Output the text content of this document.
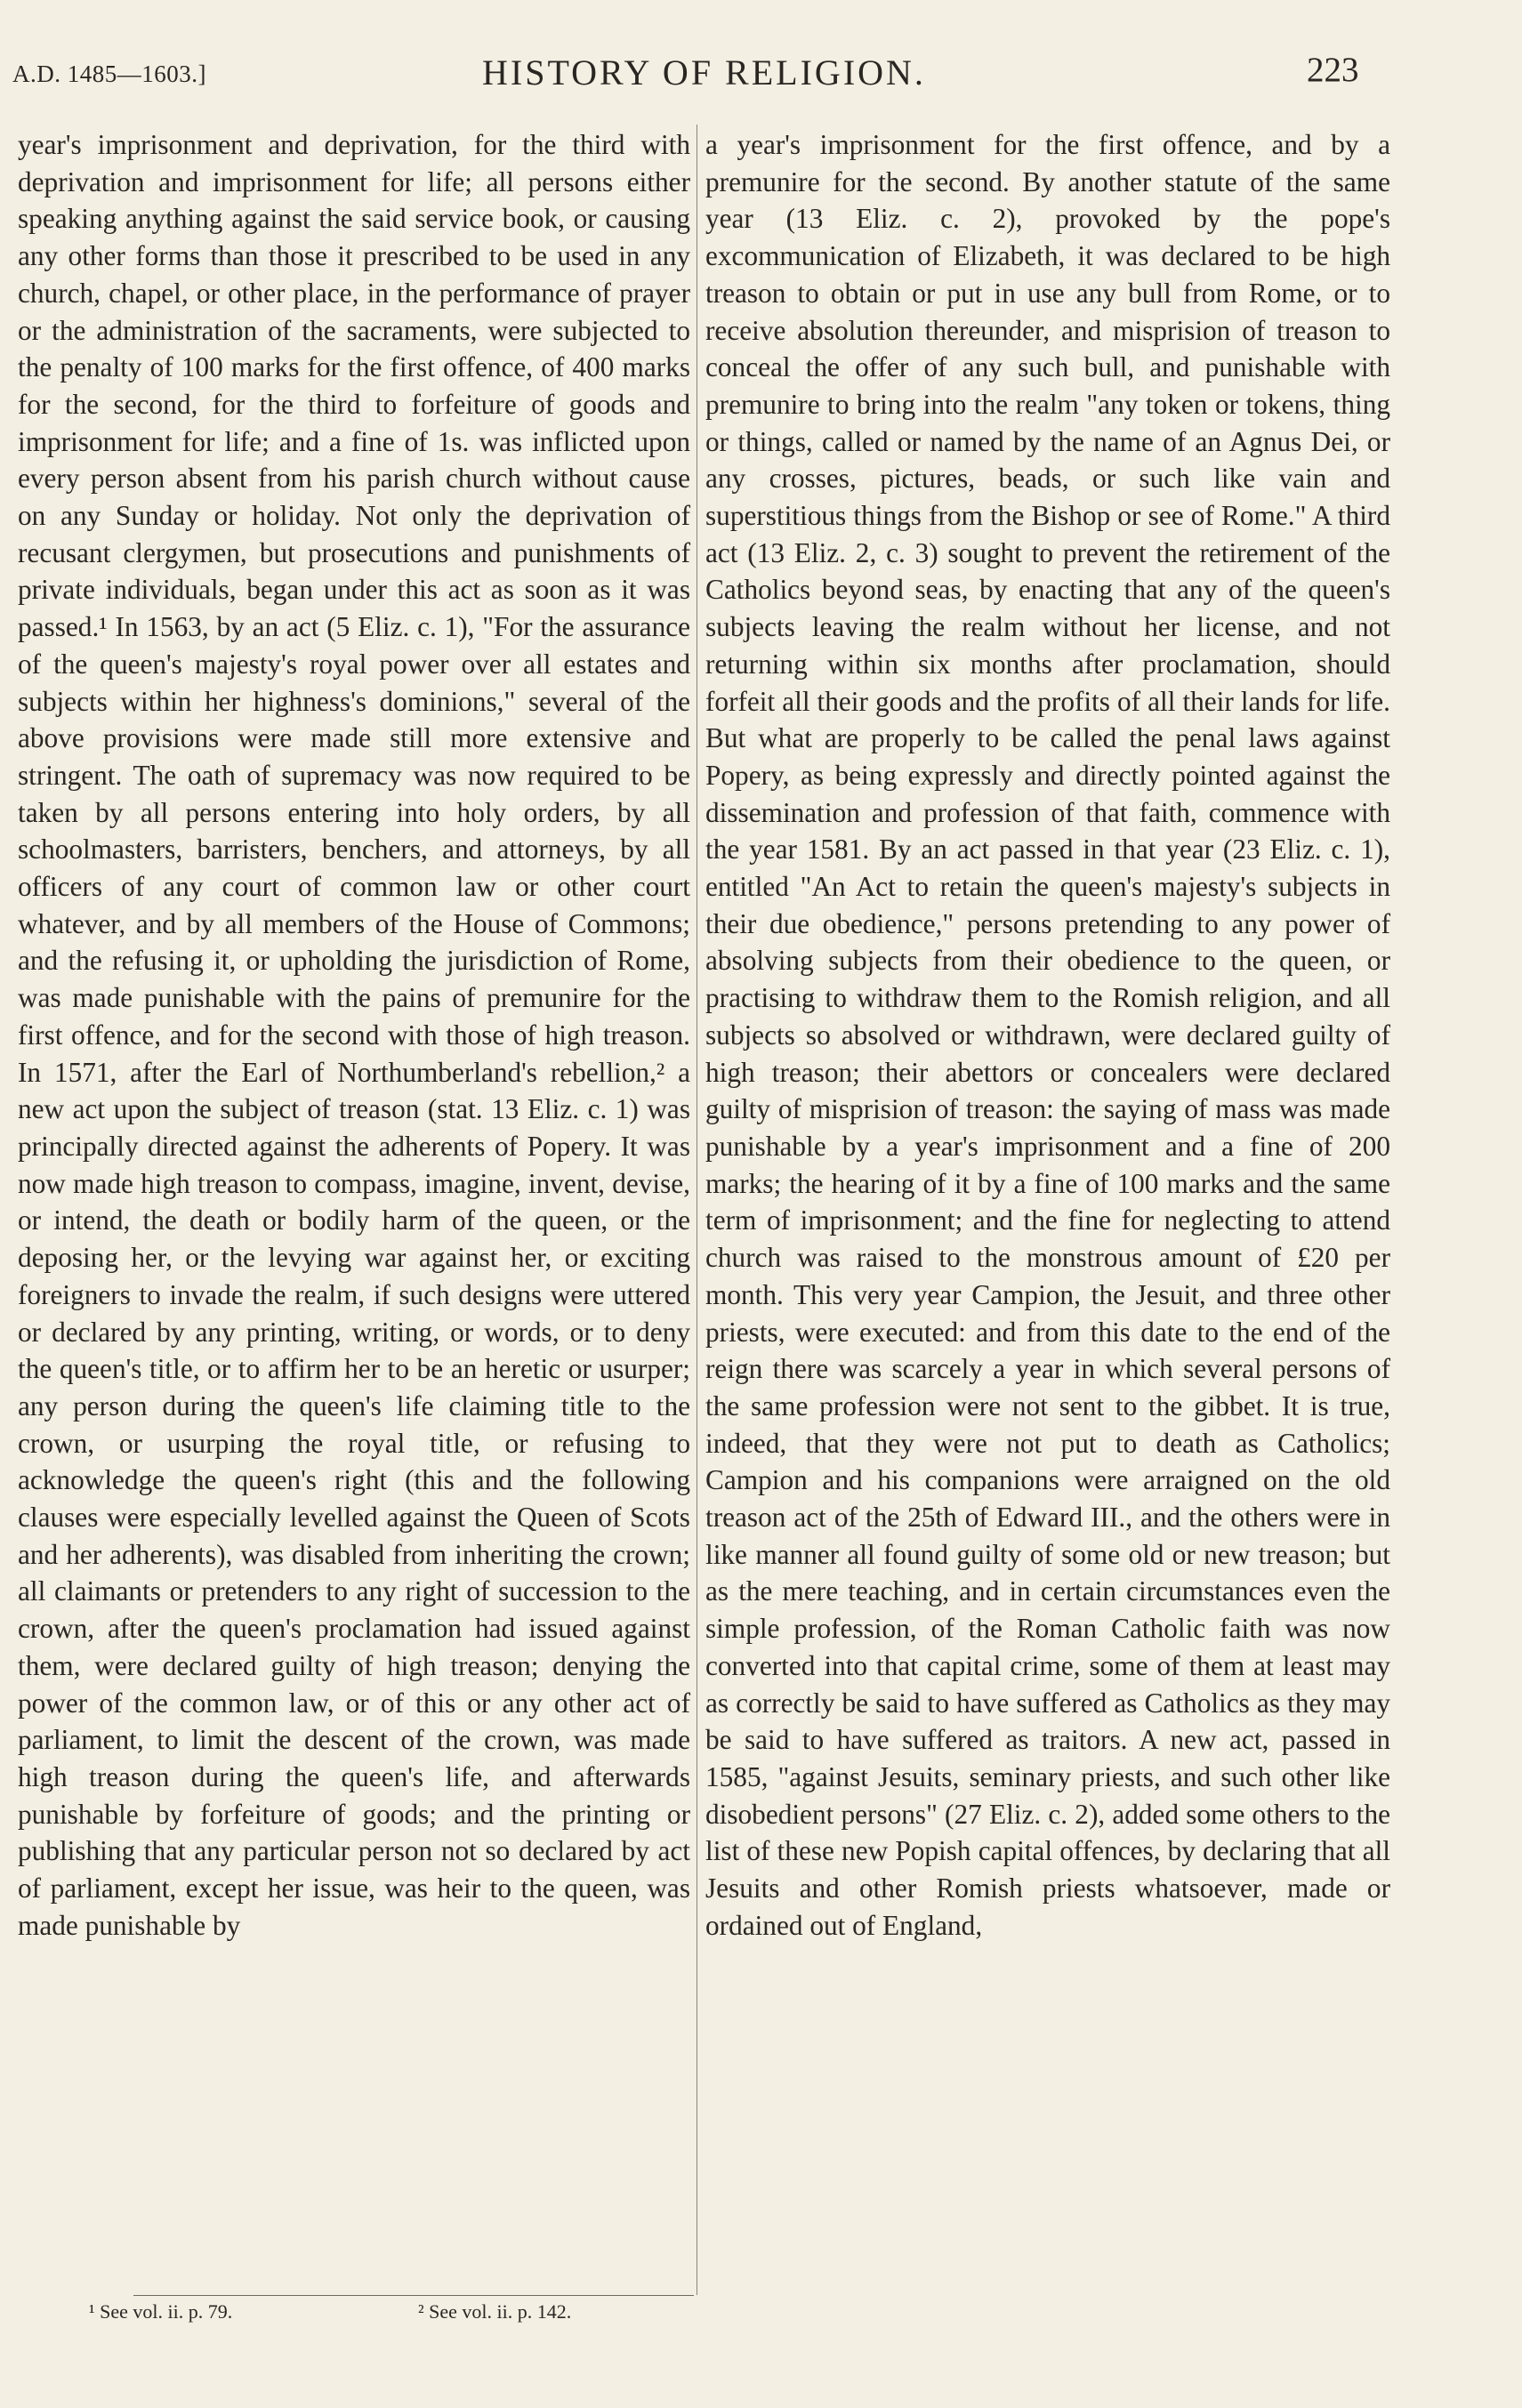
A.D. 1485—1603.]	HISTORY OF RELIGION.	223

year's imprisonment and deprivation, for the third with deprivation and imprisonment for life; all persons either speaking anything against the said service book, or causing any other forms than those it prescribed to be used in any church, chapel, or other place, in the performance of prayer or the administration of the sacraments, were subjected to the penalty of 100 marks for the first offence, of 400 marks for the second, for the third to forfeiture of goods and imprisonment for life; and a fine of 1s. was inflicted upon every person absent from his parish church without cause on any Sunday or holiday. Not only the deprivation of recusant clergymen, but prosecutions and punishments of private individuals, began under this act as soon as it was passed.¹ In 1563, by an act (5 Eliz. c. 1), "For the assurance of the queen's majesty's royal power over all estates and subjects within her highness's dominions," several of the above provisions were made still more extensive and stringent. The oath of supremacy was now required to be taken by all persons entering into holy orders, by all schoolmasters, barristers, benchers, and attorneys, by all officers of any court of common law or other court whatever, and by all members of the House of Commons; and the refusing it, or upholding the jurisdiction of Rome, was made punishable with the pains of premunire for the first offence, and for the second with those of high treason. In 1571, after the Earl of Northumberland's rebellion,² a new act upon the subject of treason (stat. 13 Eliz. c. 1) was principally directed against the adherents of Popery. It was now made high treason to compass, imagine, invent, devise, or intend, the death or bodily harm of the queen, or the deposing her, or the levying war against her, or exciting foreigners to invade the realm, if such designs were uttered or declared by any printing, writing, or words, or to deny the queen's title, or to affirm her to be an heretic or usurper; any person during the queen's life claiming title to the crown, or usurping the royal title, or refusing to acknowledge the queen's right (this and the following clauses were especially levelled against the Queen of Scots and her adherents), was disabled from inheriting the crown; all claimants or pretenders to any right of succession to the crown, after the queen's proclamation had issued against them, were declared guilty of high treason; denying the power of the common law, or of this or any other act of parliament, to limit the descent of the crown, was made high treason during the queen's life, and afterwards punishable by forfeiture of goods; and the printing or publishing that any particular person not so declared by act of parliament, except her issue, was heir to the queen, was made punishable by

a year's imprisonment for the first offence, and by a premunire for the second. By another statute of the same year (13 Eliz. c. 2), provoked by the pope's excommunication of Elizabeth, it was declared to be high treason to obtain or put in use any bull from Rome, or to receive absolution thereunder, and misprision of treason to conceal the offer of any such bull, and punishable with premunire to bring into the realm "any token or tokens, thing or things, called or named by the name of an Agnus Dei, or any crosses, pictures, beads, or such like vain and superstitious things from the Bishop or see of Rome." A third act (13 Eliz. 2, c. 3) sought to prevent the retirement of the Catholics beyond seas, by enacting that any of the queen's subjects leaving the realm without her license, and not returning within six months after proclamation, should forfeit all their goods and the profits of all their lands for life. But what are properly to be called the penal laws against Popery, as being expressly and directly pointed against the dissemination and profession of that faith, commence with the year 1581. By an act passed in that year (23 Eliz. c. 1), entitled "An Act to retain the queen's majesty's subjects in their due obedience," persons pretending to any power of absolving subjects from their obedience to the queen, or practising to withdraw them to the Romish religion, and all subjects so absolved or withdrawn, were declared guilty of high treason; their abettors or concealers were declared guilty of misprision of treason: the saying of mass was made punishable by a year's imprisonment and a fine of 200 marks; the hearing of it by a fine of 100 marks and the same term of imprisonment; and the fine for neglecting to attend church was raised to the monstrous amount of £20 per month. This very year Campion, the Jesuit, and three other priests, were executed: and from this date to the end of the reign there was scarcely a year in which several persons of the same profession were not sent to the gibbet. It is true, indeed, that they were not put to death as Catholics; Campion and his companions were arraigned on the old treason act of the 25th of Edward III., and the others were in like manner all found guilty of some old or new treason; but as the mere teaching, and in certain circumstances even the simple profession, of the Roman Catholic faith was now converted into that capital crime, some of them at least may as correctly be said to have suffered as Catholics as they may be said to have suffered as traitors. A new act, passed in 1585, "against Jesuits, seminary priests, and such other like disobedient persons" (27 Eliz. c. 2), added some others to the list of these new Popish capital offences, by declaring that all Jesuits and other Romish priests whatsoever, made or ordained out of England,

¹ See vol. ii. p. 79.	² See vol. ii. p. 142.
